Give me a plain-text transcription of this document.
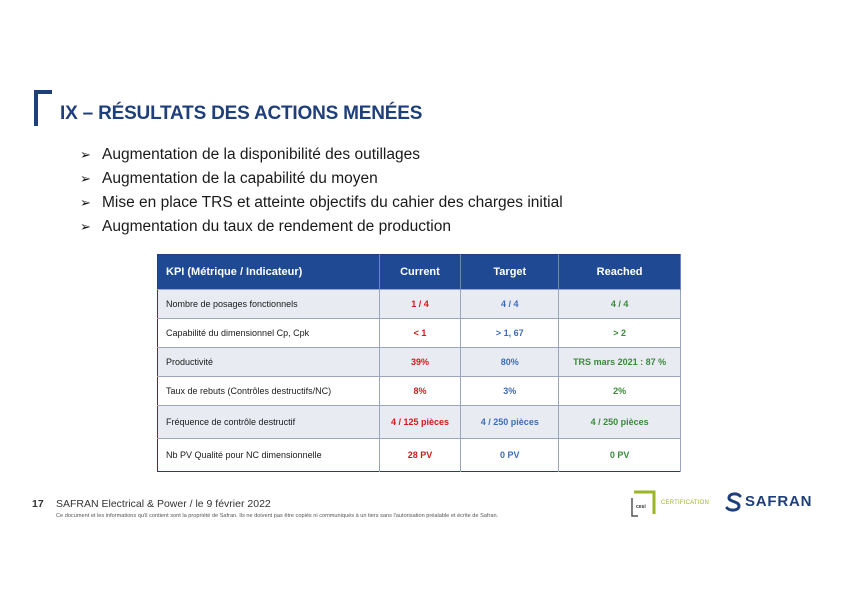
IX – RÉSULTATS DES ACTIONS MENÉES
➢ Augmentation de la disponibilité des outillages
➢ Augmentation de la capabilité du moyen
➢ Mise en place TRS et atteinte objectifs du cahier des charges initial
➢ Augmentation du taux de rendement de production
KPI (Métrique / Indicateur)	Current	Target	Reached
Nombre de posages fonctionnels	1 / 4	4 / 4	4 / 4
Capabilité du dimensionnel Cp, Cpk	< 1	> 1, 67	> 2
Productivité	39%	80%	TRS mars 2021 : 87 %
Taux de rebuts (Contrôles destructifs/NC)	8%	3%	2%
Fréquence de contrôle destructif	4 / 125 pièces	4 / 250 pièces	4 / 250 pièces
Nb PV Qualité pour NC dimensionnelle	28 PV	0 PV	0 PV
17 SAFRAN Electrical & Power / le 9 février 2022
Ce document et les informations qu'il contient sont la propriété de Safran. Ils ne doivent pas être copiés ni communiqués à un tiers sans l'autorisation préalable et écrite de Safran.
cesi
CERTIFICATION SAFRAN
